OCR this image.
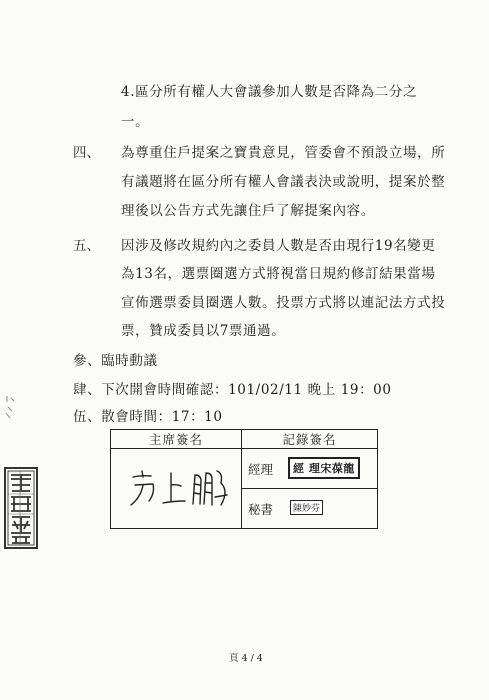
4.區分所有權人大會議參加人數是否降為二分之
一。
四、 為尊重住戶提案之寶貴意見，管委會不預設立場，所
有議題將在區分所有權人會議表決或說明，提案於整
理後以公告方式先讓住戶了解提案內容。
五、 因涉及修改規約內之委員人數是否由現行19名變更
為13名，選票圈選方式將視當日規約修訂結果當場
宣佈選票委員圈選人數。投票方式將以連記法方式投
票，贊成委員以7票通過。
參、臨時動議
肆、下次開會時間確認：101/02/11 晚上 19：00
伍、散會時間：17：10
主席簽名	記錄簽名

經理 經 理宋葆龍

	秘書 陳妙芬
頁 4 / 4
